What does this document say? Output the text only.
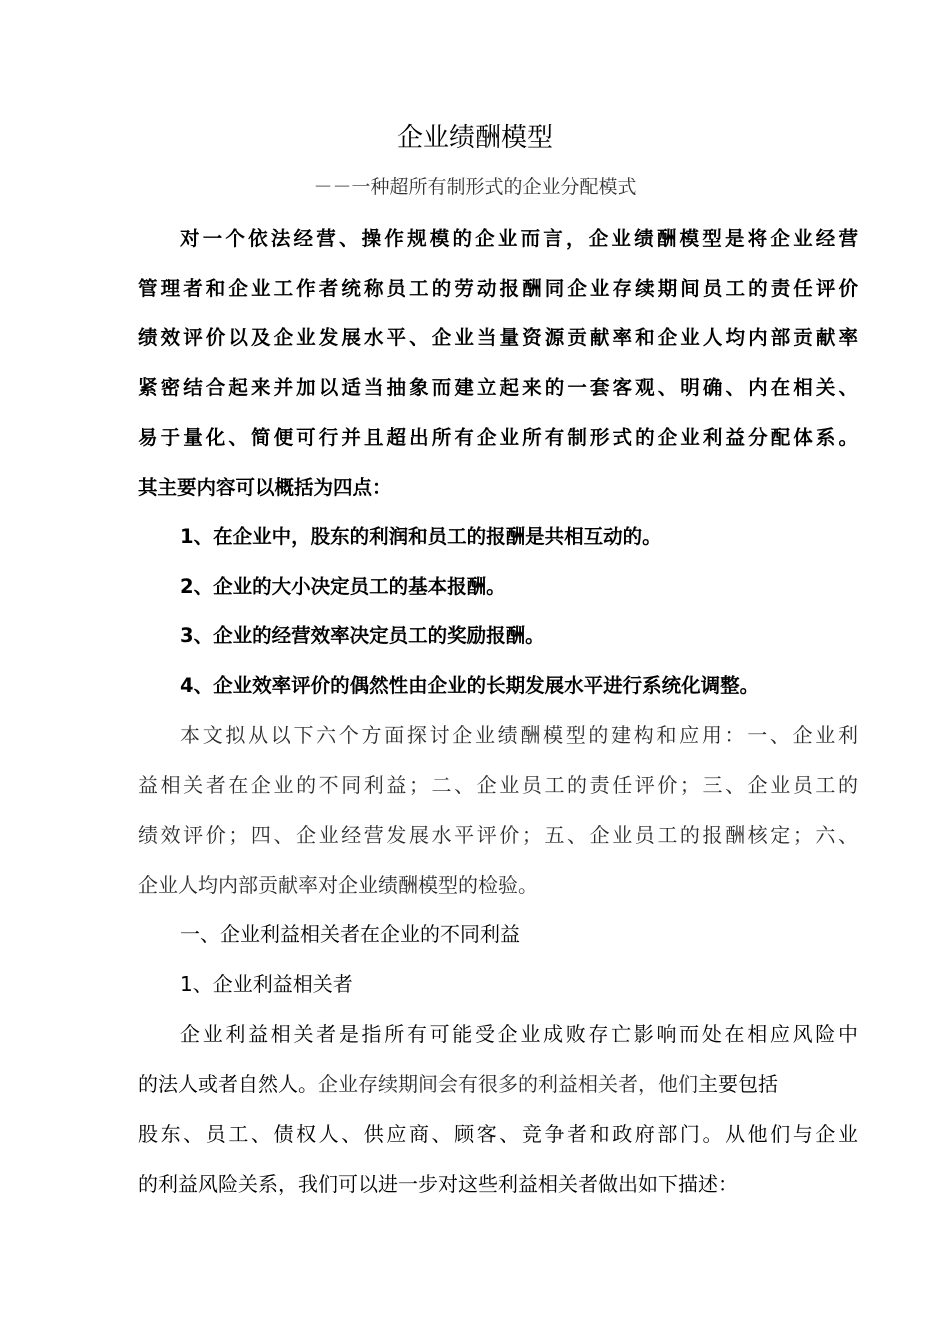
企业绩酬模型

－－一种超所有制形式的企业分配模式

对一个依法经营、操作规模的企业而言，企业绩酬模型是将企业经营

管理者和企业工作者统称员工的劳动报酬同企业存续期间员工的责任评价

绩效评价以及企业发展水平、企业当量资源贡献率和企业人均内部贡献率

紧密结合起来并加以适当抽象而建立起来的一套客观、明确、内在相关、

易于量化、简便可行并且超出所有企业所有制形式的企业利益分配体系。

其主要内容可以概括为四点：

1、在企业中，股东的利润和员工的报酬是共相互动的。

2、企业的大小决定员工的基本报酬。

3、企业的经营效率决定员工的奖励报酬。

4、企业效率评价的偶然性由企业的长期发展水平进行系统化调整。

本文拟从以下六个方面探讨企业绩酬模型的建构和应用：一、企业利

益相关者在企业的不同利益；二、企业员工的责任评价；三、企业员工的

绩效评价；四、企业经营发展水平评价；五、企业员工的报酬核定；六、

企业人均内部贡献率对企业绩酬模型的检验。

一、企业利益相关者在企业的不同利益

1、企业利益相关者

企业利益相关者是指所有可能受企业成败存亡影响而处在相应风险中

的法人或者自然人。企业存续期间会有很多的利益相关者，他们主要包括

股东、员工、债权人、供应商、顾客、竞争者和政府部门。从他们与企业

的利益风险关系，我们可以进一步对这些利益相关者做出如下描述：
